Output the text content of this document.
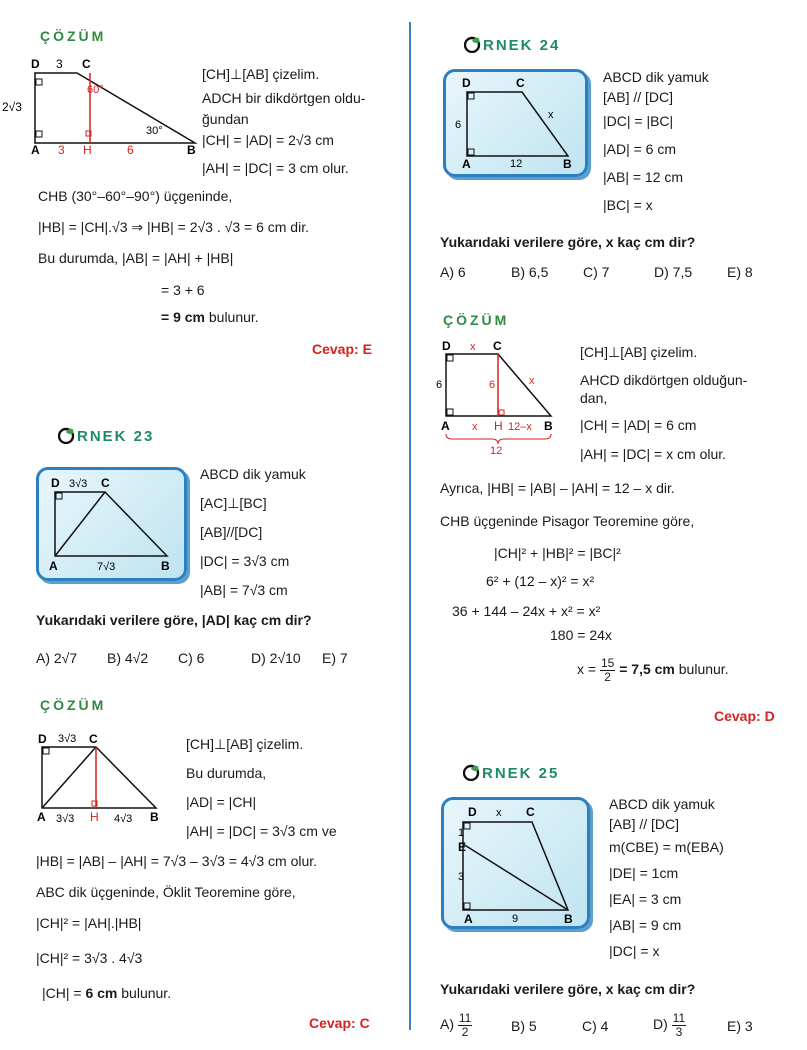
ÇÖZÜM
D 3 C
2√3
60°
30°
A 3 H	6	B
[CH]⊥[AB] çizelim.
ADCH bir dikdörtgen oldu-
ğundan
|CH| = |AD| = 2√3 cm
|AH| = |DC| = 3 cm olur.
CHB (30°–60°–90°) üçgeninde,
|HB| = |CH|.√3 ⇒ |HB| = 2√3 . √3 = 6 cm dir.
Bu durumda, |AB| = |AH| + |HB|
= 3 + 6
= 9 cm bulunur.
Cevap: E
RNEK 23
D 3√3 C
A	7√3	B
ABCD dik yamuk
[AC]⊥[BC]
[AB]//[DC]
|DC| = 3√3 cm
|AB| = 7√3 cm
Yukarıdaki verilere göre, |AD| kaç cm dir?
A) 2√7 B) 4√2 C) 6	D) 2√10 E) 7
ÇÖZÜM
D 3√3 C
A 3√3 H 4√3 B
[CH]⊥[AB] çizelim.
Bu durumda,
|AD| = |CH|
|AH| = |DC| = 3√3 cm ve
|HB| = |AB| – |AH| = 7√3 – 3√3 = 4√3 cm olur.
ABC dik üçgeninde, Öklit Teoremine göre,
|CH|² = |AH|.|HB|
|CH|² = 3√3 . 4√3
|CH| = 6 cm bulunur.
Cevap: C
RNEK 24
D	C
6
x
A	12	B
ABCD dik yamuk
[AB] // [DC]
|DC| = |BC|
|AD| = 6 cm
|AB| = 12 cm
|BC| = x
Yukarıdaki verilere göre, x kaç cm dir?
A) 6	B) 6,5 C) 7	D) 7,5 E) 8
ÇÖZÜM
D x C
6	6	x
A x H 12–x B
12
[CH]⊥[AB] çizelim.
AHCD dikdörtgen olduğun-
dan,
|CH| = |AD| = 6 cm
|AH| = |DC| = x cm olur.
Ayrıca, |HB| = |AB| – |AH| = 12 – x dir.
CHB üçgeninde Pisagor Teoremine göre,
|CH|² + |HB|² = |BC|²
6² + (12 – x)² = x²
36 + 144 – 24x + x² = x²
180 = 24x
$x = \frac{15}{2} = 7,5$ cm bulunur.
Cevap: D
RNEK 25
D x C
1
E
3
A	9	B
ABCD dik yamuk
[AB] // [DC]
m(CBE) = m(EBA)
|DE| = 1cm
|EA| = 3 cm
|AB| = 9 cm
|DC| = x
Yukarıdaki verilere göre, x kaç cm dir?
$A) \frac{11}{2}$	B) 5	C) 4	$D) \frac{11}{3}$	E) 3
